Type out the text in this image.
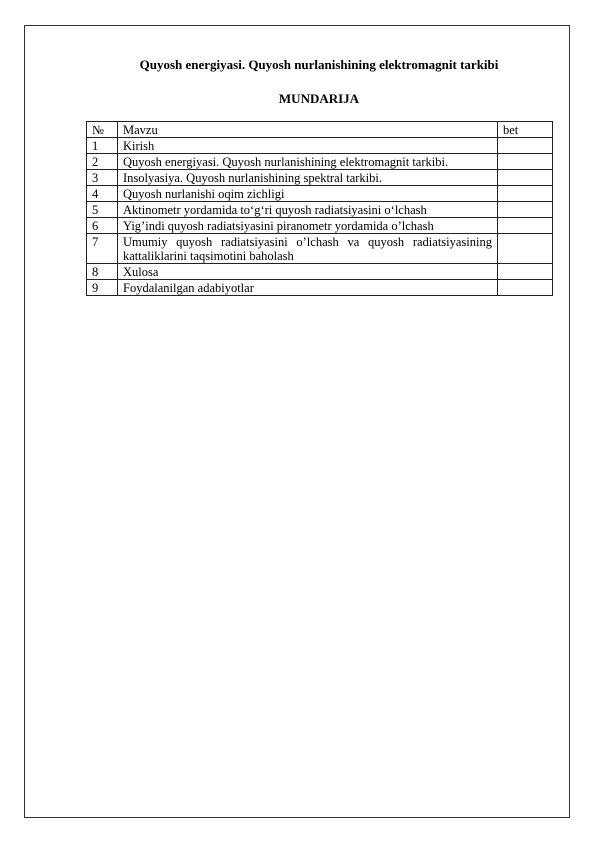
Quyosh energiyasi. Quyosh nurlanishining elektromagnit tarkibi
MUNDARIJA
№	Mavzu	bet
1	Kirish	
2	Quyosh energiyasi. Quyosh nurlanishining elektromagnit tarkibi.	
3	Insolyasiya. Quyosh nurlanishining spektral tarkibi.	
4	Quyosh nurlanishi oqim zichligi	
5	Aktinometr yordamida to‘g‘ri quyosh radiatsiyasini o‘lchash	
6	Yig’indi quyosh radiatsiyasini piranometr yordamida o’lchash	
7	Umumiy quyosh radiatsiyasini o’lchash va quyosh radiatsiyasining kattaliklarini taqsimotini baholash	
8	Xulosa	
9	Foydalanilgan adabiyotlar	
